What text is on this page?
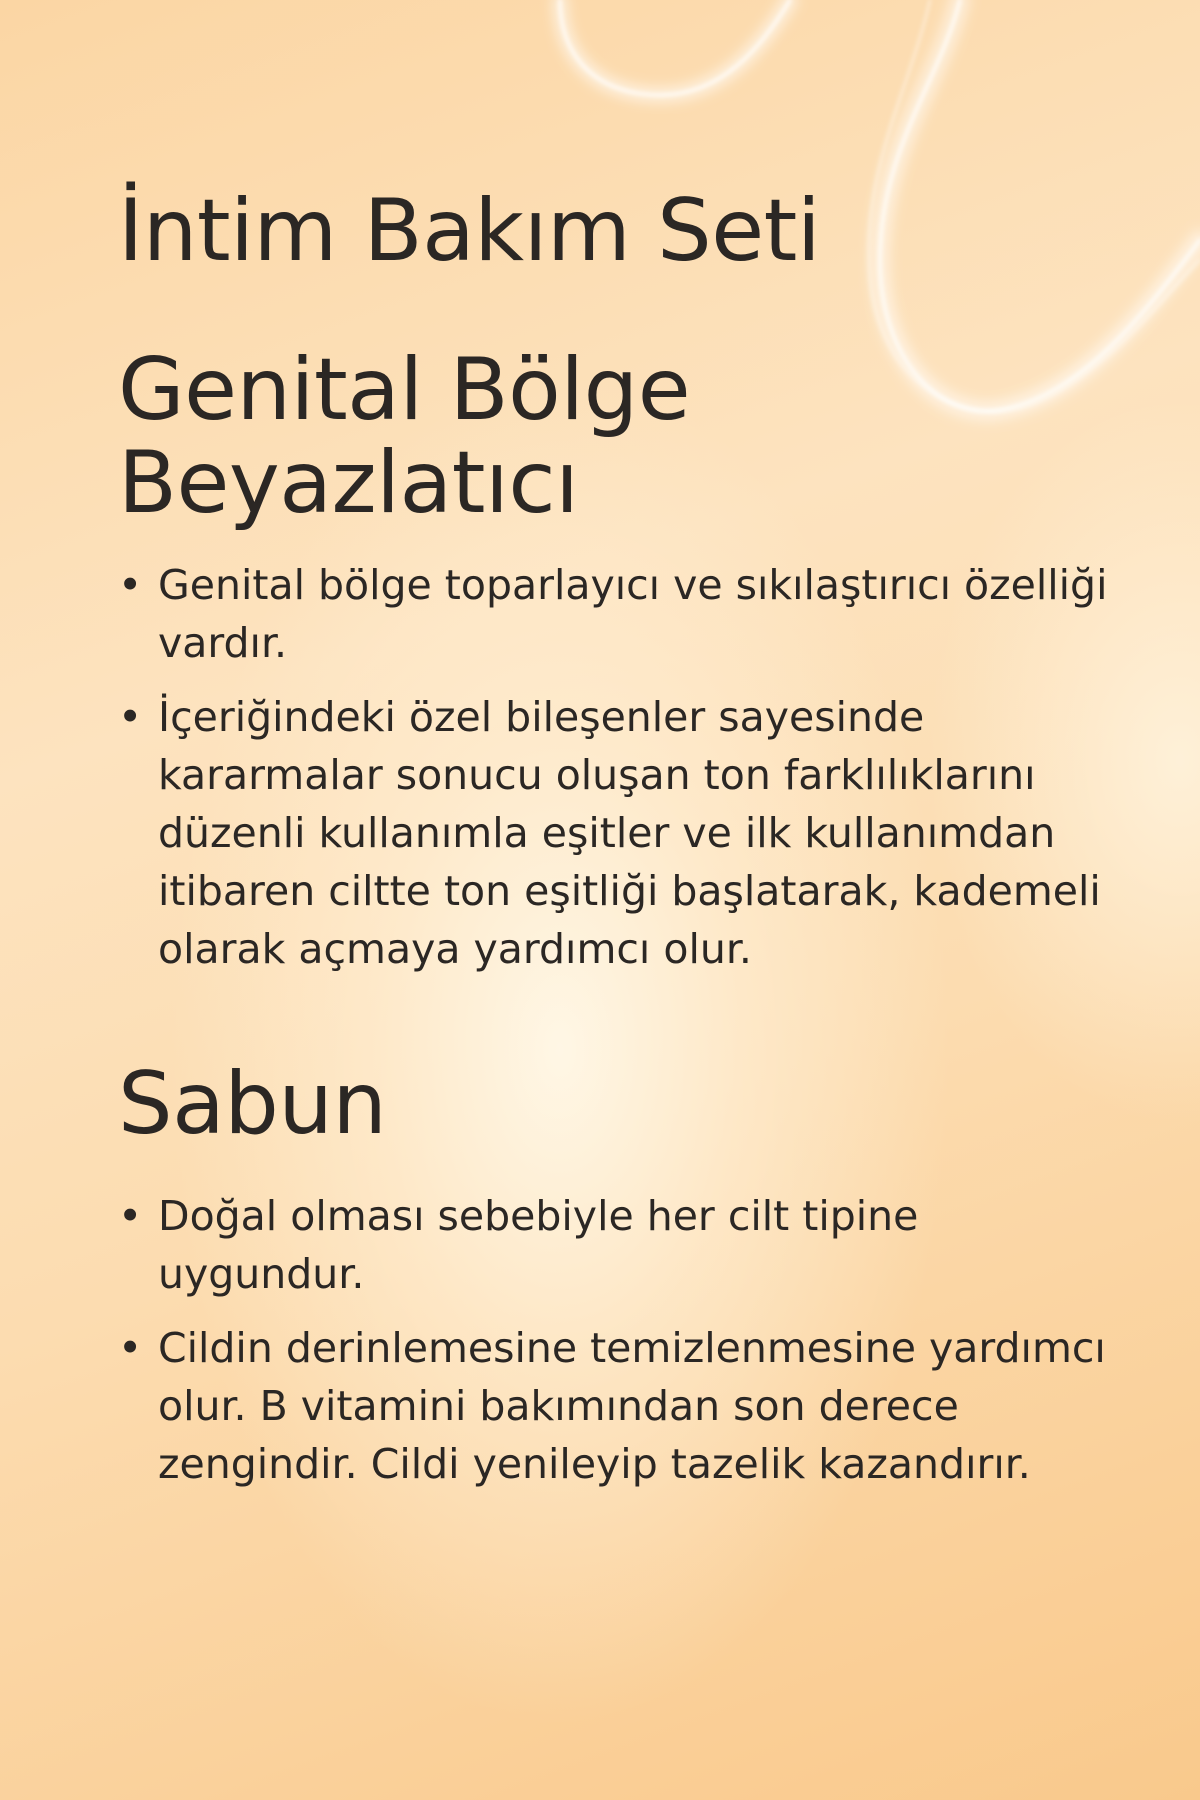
İntim Bakım Seti
Genital Bölge Beyazlatıcı
• Genital bölge toparlayıcı ve sıkılaştırıcı özelliği vardır.
• İçeriğindeki özel bileşenler sayesinde kararmalar sonucu oluşan ton farklılıklarını düzenli kullanımla eşitler ve ilk kullanımdan itibaren ciltte ton eşitliği başlatarak, kademeli olarak açmaya yardımcı olur.
Sabun
• Doğal olması sebebiyle her cilt tipine uygundur.
• Cildin derinlemesine temizlenmesine yardımcı olur. B vitamini bakımından son derece zengindir. Cildi yenileyip tazelik kazandırır.
